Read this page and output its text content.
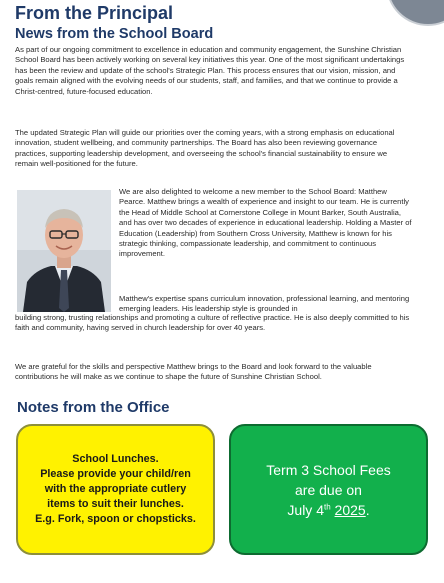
From the Principal
News from the School Board

As part of our ongoing commitment to excellence in education and community engagement, the Sunshine Christian School Board has been actively working on several key initiatives this year. One of the most significant undertakings has been the review and update of the school's Strategic Plan. This process ensures that our vision, mission, and goals remain aligned with the evolving needs of our students, staff, and families, and that we continue to provide a Christ-centred, future-focused education.

The updated Strategic Plan will guide our priorities over the coming years, with a strong emphasis on educational innovation, student wellbeing, and community partnerships. The Board has also been reviewing governance practices, supporting leadership development, and overseeing the school's financial sustainability to ensure we remain well-positioned for the future.

We are also delighted to welcome a new member to the School Board: Matthew Pearce. Matthew brings a wealth of experience and insight to our team. He is currently the Head of Middle School at Cornerstone College in Mount Barker, South Australia, and has over two decades of experience in educational leadership. Holding a Master of Education (Leadership) from Southern Cross University, Matthew is known for his strategic thinking, compassionate leadership, and commitment to continuous improvement.

Matthew's expertise spans curriculum innovation, professional learning, and mentoring emerging leaders. His leadership style is grounded in

building strong, trusting relationships and promoting a culture of reflective practice. He is also deeply committed to his faith and community, having served in church leadership for over 40 years.

We are grateful for the skills and perspective Matthew brings to the Board and look forward to the valuable contributions he will make as we continue to shape the future of Sunshine Christian School.

Notes from the Office
School Lunches.
Please provide your child/ren
with the appropriate cutlery
items to suit their lunches.
E.g. Fork, spoon or chopsticks.
Term 3 School Fees
are due on
July 4th 2025.
